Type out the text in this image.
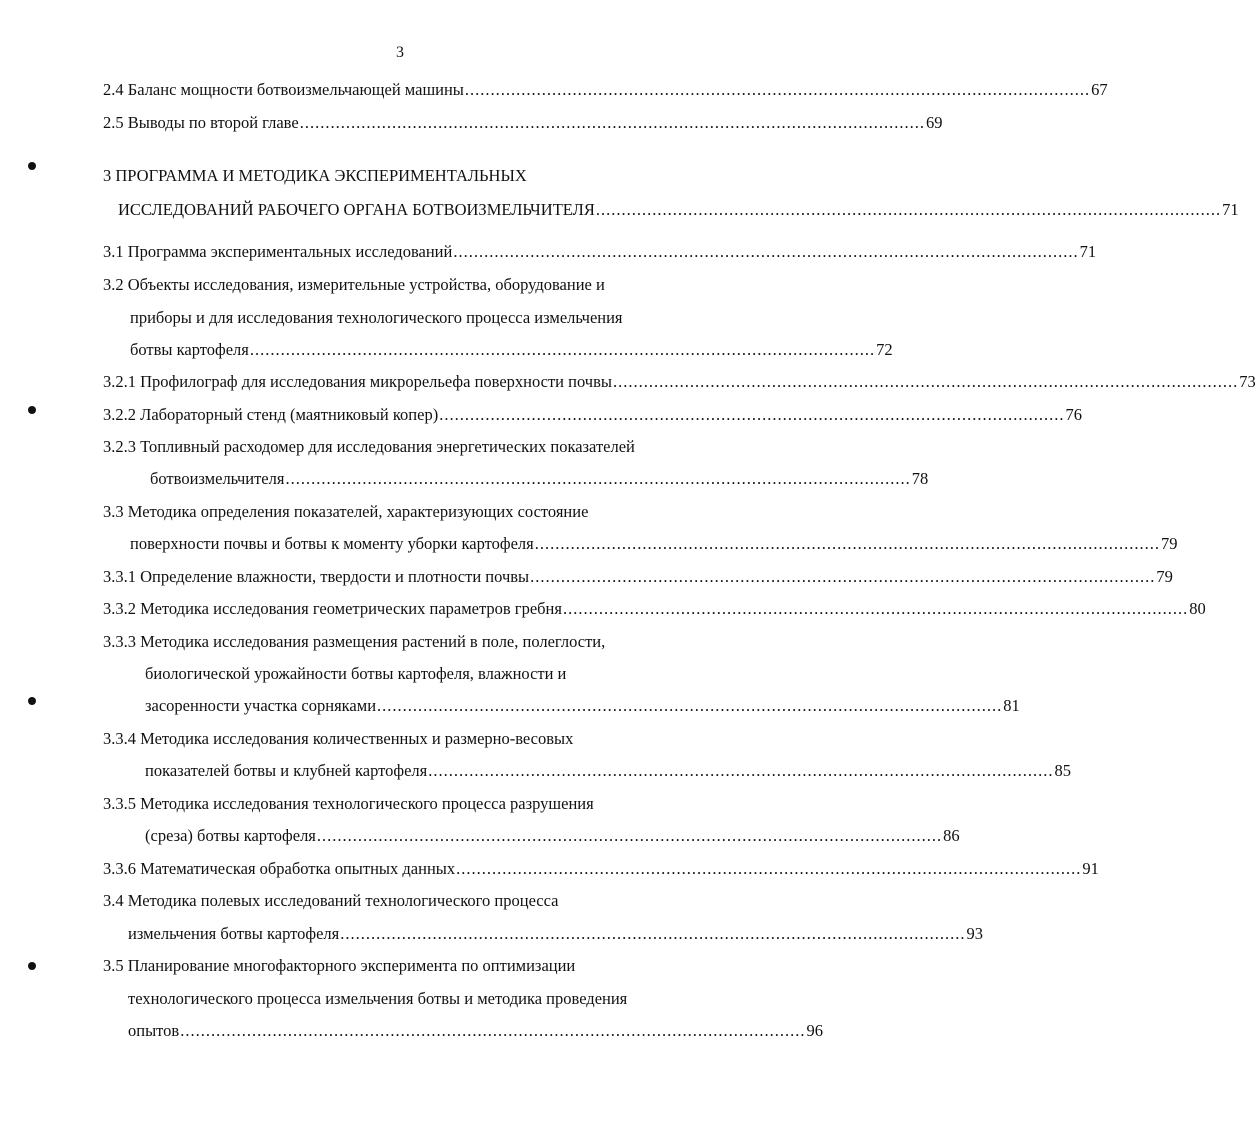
3
2.4 Баланс мощности ботвоизмельчающей машины .......................................................................................................................... 67
2.5 Выводы по второй главе .......................................................................................................................... 69
3 ПРОГРАММА И МЕТОДИКА ЭКСПЕРИМЕНТАЛЬНЫХ
ИССЛЕДОВАНИЙ РАБОЧЕГО ОРГАНА БОТВОИЗМЕЛЬЧИТЕЛЯ .......................................................................................................................... 71
3.1 Программа экспериментальных исследований .......................................................................................................................... 71
3.2 Объекты исследования, измерительные устройства, оборудование и
приборы и для исследования технологического процесса измельчения
ботвы картофеля .......................................................................................................................... 72
3.2.1 Профилограф для исследования микрорельефа поверхности почвы .......................................................................................................................... 73
3.2.2 Лабораторный стенд (маятниковый копер) .......................................................................................................................... 76
3.2.3 Топливный расходомер для исследования энергетических показателей
ботвоизмельчителя .......................................................................................................................... 78
3.3 Методика определения показателей, характеризующих состояние
поверхности почвы и ботвы к моменту уборки картофеля .......................................................................................................................... 79
3.3.1 Определение влажности, твердости и плотности почвы .......................................................................................................................... 79
3.3.2 Методика исследования геометрических параметров гребня .......................................................................................................................... 80
3.3.3 Методика исследования размещения растений в поле, полеглости,
биологической урожайности ботвы картофеля, влажности и
засоренности участка сорняками .......................................................................................................................... 81
3.3.4 Методика исследования количественных и размерно-весовых
показателей ботвы и клубней картофеля .......................................................................................................................... 85
3.3.5 Методика исследования технологического процесса разрушения
(среза) ботвы картофеля .......................................................................................................................... 86
3.3.6 Математическая обработка опытных данных .......................................................................................................................... 91
3.4 Методика полевых исследований технологического процесса
измельчения ботвы картофеля .......................................................................................................................... 93
3.5 Планирование многофакторного эксперимента по оптимизации
технологического процесса измельчения ботвы и методика проведения
опытов .......................................................................................................................... 96
